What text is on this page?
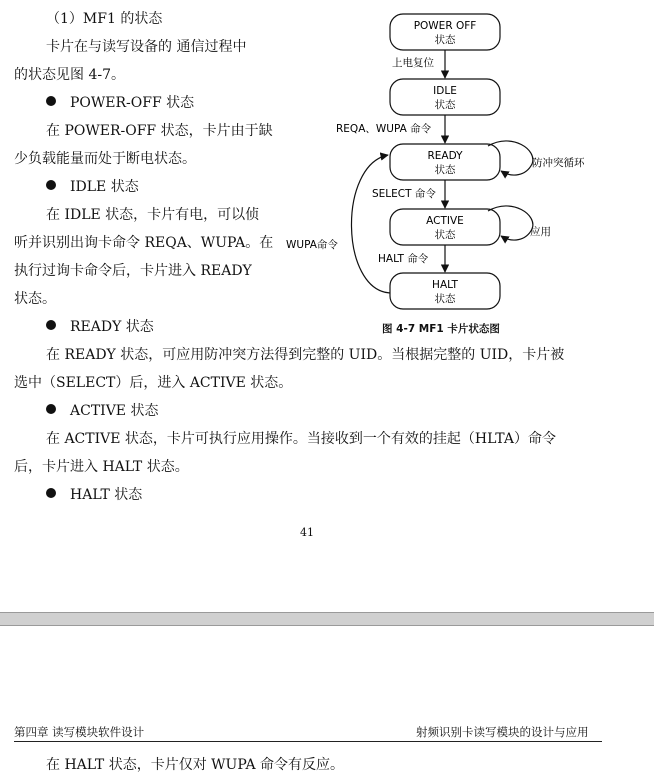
（1）MF1 的状态
卡片在与读写设备的 通信过程中
的状态见图 4-7。
POWER-OFF 状态
在 POWER-OFF 状态，卡片由于缺
少负载能量而处于断电状态。
IDLE 状态
在 IDLE 状态，卡片有电，可以侦
听并识别出询卡命令 REQA、WUPA。在
执行过询卡命令后，卡片进入 READY
状态。
READY 状态
在 READY 状态，可应用防冲突方法得到完整的 UID。当根据完整的 UID，卡片被
选中（SELECT）后，进入 ACTIVE 状态。
ACTIVE 状态
在 ACTIVE 状态，卡片可执行应用操作。当接收到一个有效的挂起（HLTA）命令
后，卡片进入 HALT 状态。
HALT 状态
POWER OFF
状态
IDLE
状态
READY
状态
ACTIVE
状态
HALT
状态
上电复位
REQA、WUPA 命令
SELECT 命令
HALT 命令
防冲突循环
应用
WUPA命令
图 4-7 MF1 卡片状态图
41
第四章 读写模块软件设计	射频识别卡读写模块的设计与应用
在 HALT 状态，卡片仅对 WUPA 命令有反应。
